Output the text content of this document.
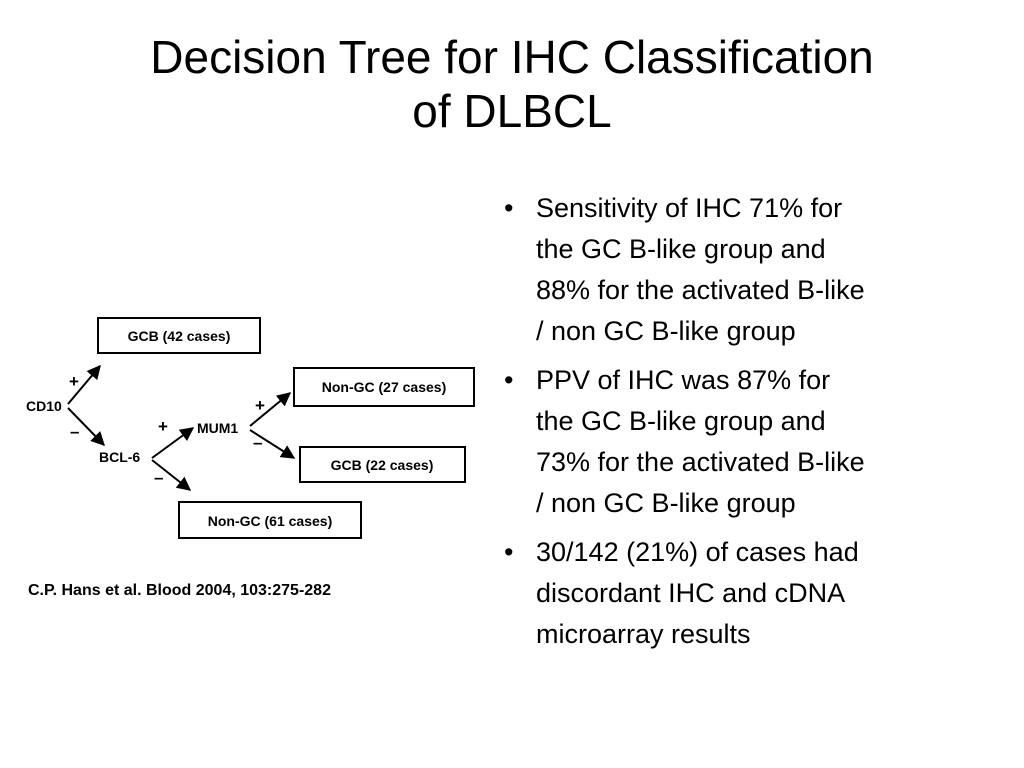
Decision Tree for IHC Classification
of DLBCL
GCB (42 cases)
Non-GC (27 cases)
GCB (22 cases)
Non-GC (61 cases)
CD10
BCL-6
MUM1
+
–	+
–
+
–
C.P. Hans et al. Blood 2004, 103:275-282
• Sensitivity of IHC 71% for
the GC B-like group and
88% for the activated B-like
/ non GC B-like group
• PPV of IHC was 87% for
the GC B-like group and
73% for the activated B-like
/ non GC B-like group
• 30/142 (21%) of cases had
discordant IHC and cDNA
microarray results
